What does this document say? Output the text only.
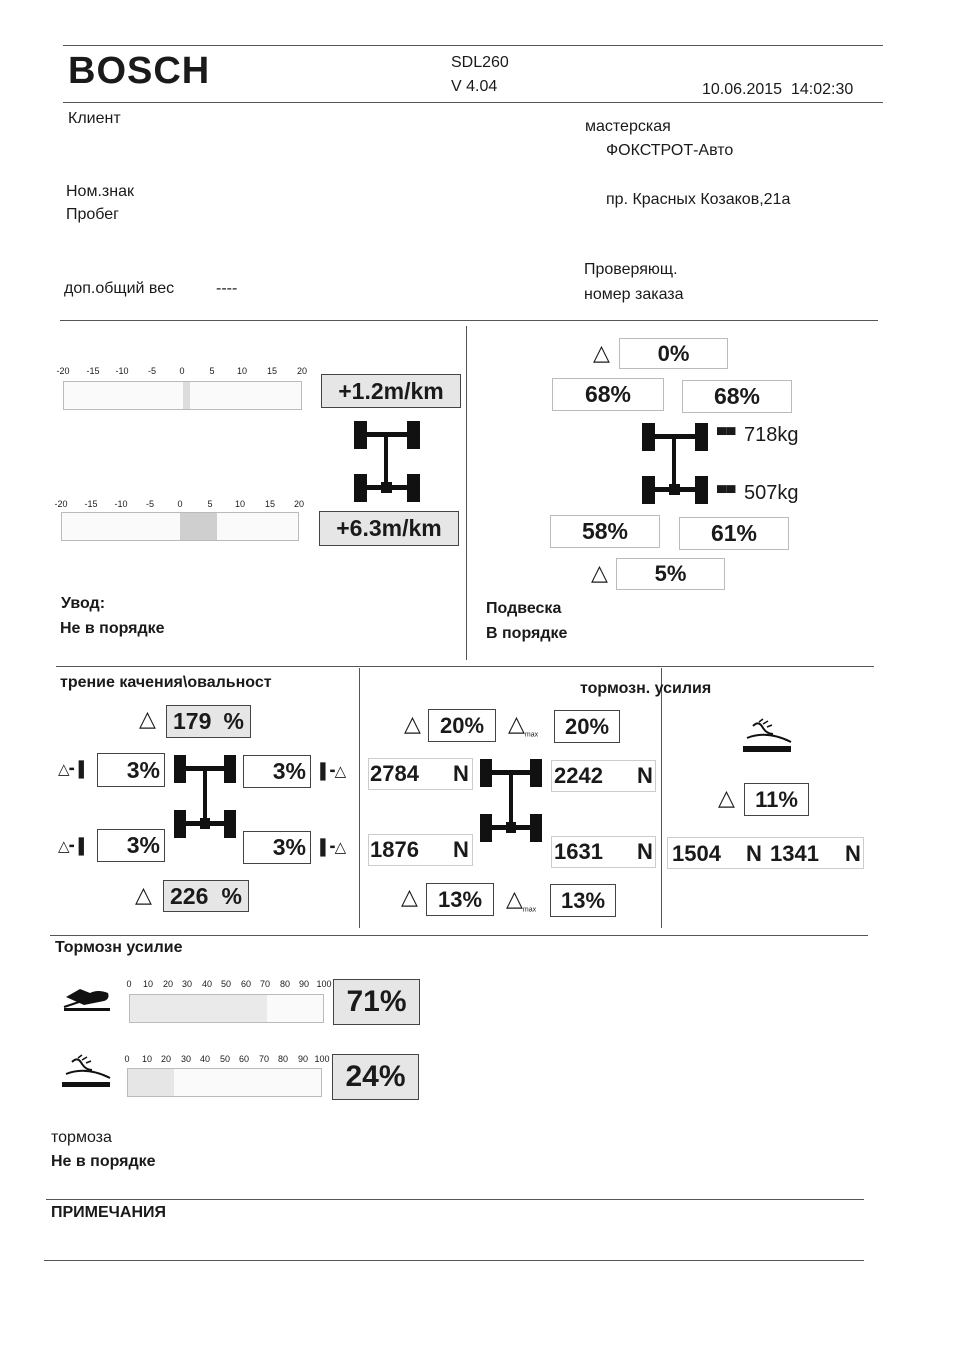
BOSCH	SDL260
V 4.04	10.06.2015  14:02:30
Клиент
Ном.знак
Пробег
доп.общий вес	----
мастерская
ФОКСТРОТ-Авто
пр. Красных Козаков,21а
Проверяющ.
номер заказа
-20 -15 -10 -5	0	5 10 15 20
+1.2m/km
-20 -15 -10 -5	0	5 10 15 20
+6.3m/km
Увод:
Не в порядке
△	0%
68%	68%
▀▀ 718kg
▀▀ 507kg
58%	61%
△	5%
Подвеска
В порядке
трение качения\овальност
△ 179 %
△╸▌	3%	3% ▐╺△
△╸▌	3%	3% ▐╺△
△ 226 %
тормозн. усилия
△ 20%	$\triangle_{max}$	20%
2784 N	2242 N
1876 N	1631 N
△ 13%	$\triangle_{max}$	13%
△ 11%
1504 N 1341 N
Тормозн усилие
0 10 20 30 40 50 60 70 80 90 100
71%
0 10 20 30 40 50 60 70 80 90 100
24%
тормоза
Не в порядке
ПРИМЕЧАНИЯ
